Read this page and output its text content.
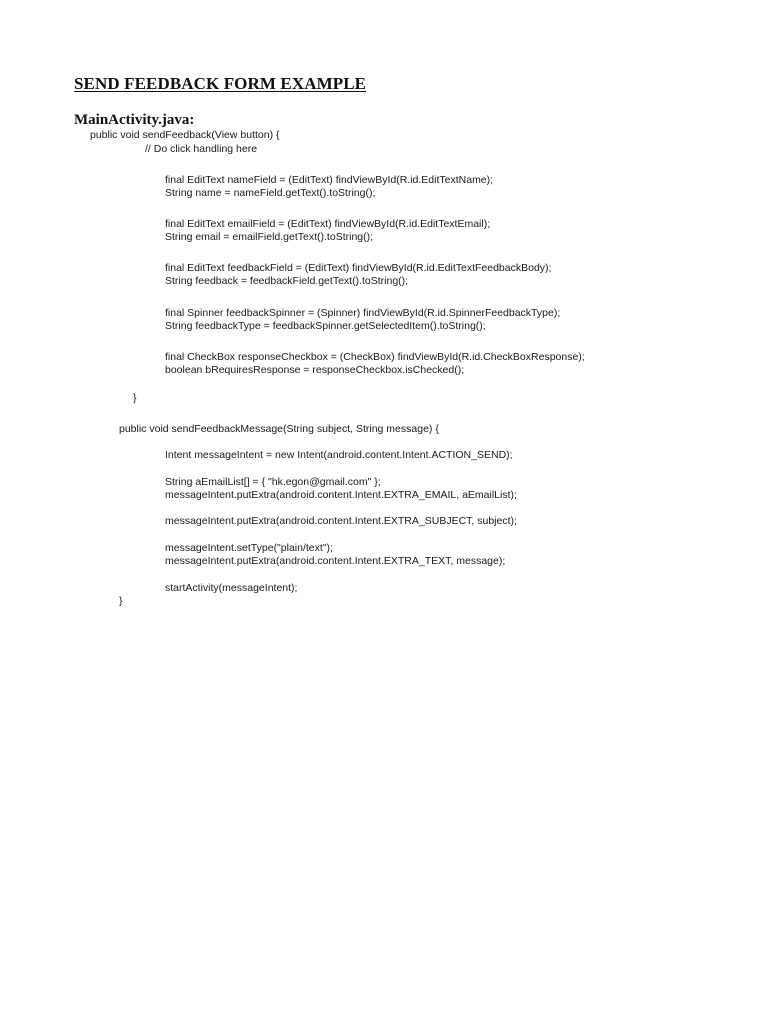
SEND FEEDBACK FORM EXAMPLE
MainActivity.java:

public void sendFeedback(View button) {

// Do click handling here

final EditText nameField = (EditText) findViewById(R.id.EditTextName);

String name = nameField.getText().toString();

final EditText emailField = (EditText) findViewById(R.id.EditTextEmail);

String email = emailField.getText().toString();

final EditText feedbackField = (EditText) findViewById(R.id.EditTextFeedbackBody);

String feedback = feedbackField.getText().toString();

final Spinner feedbackSpinner = (Spinner) findViewById(R.id.SpinnerFeedbackType);

String feedbackType = feedbackSpinner.getSelectedItem().toString();

final CheckBox responseCheckbox = (CheckBox) findViewById(R.id.CheckBoxResponse);

boolean bRequiresResponse = responseCheckbox.isChecked();

}

public void sendFeedbackMessage(String subject, String message) {

Intent messageIntent = new Intent(android.content.Intent.ACTION_SEND);

String aEmailList[] = { "hk.egon@gmail.com" };

messageIntent.putExtra(android.content.Intent.EXTRA_EMAIL, aEmailList);

messageIntent.putExtra(android.content.Intent.EXTRA_SUBJECT, subject);

messageIntent.setType("plain/text");

messageIntent.putExtra(android.content.Intent.EXTRA_TEXT, message);

startActivity(messageIntent);

}
